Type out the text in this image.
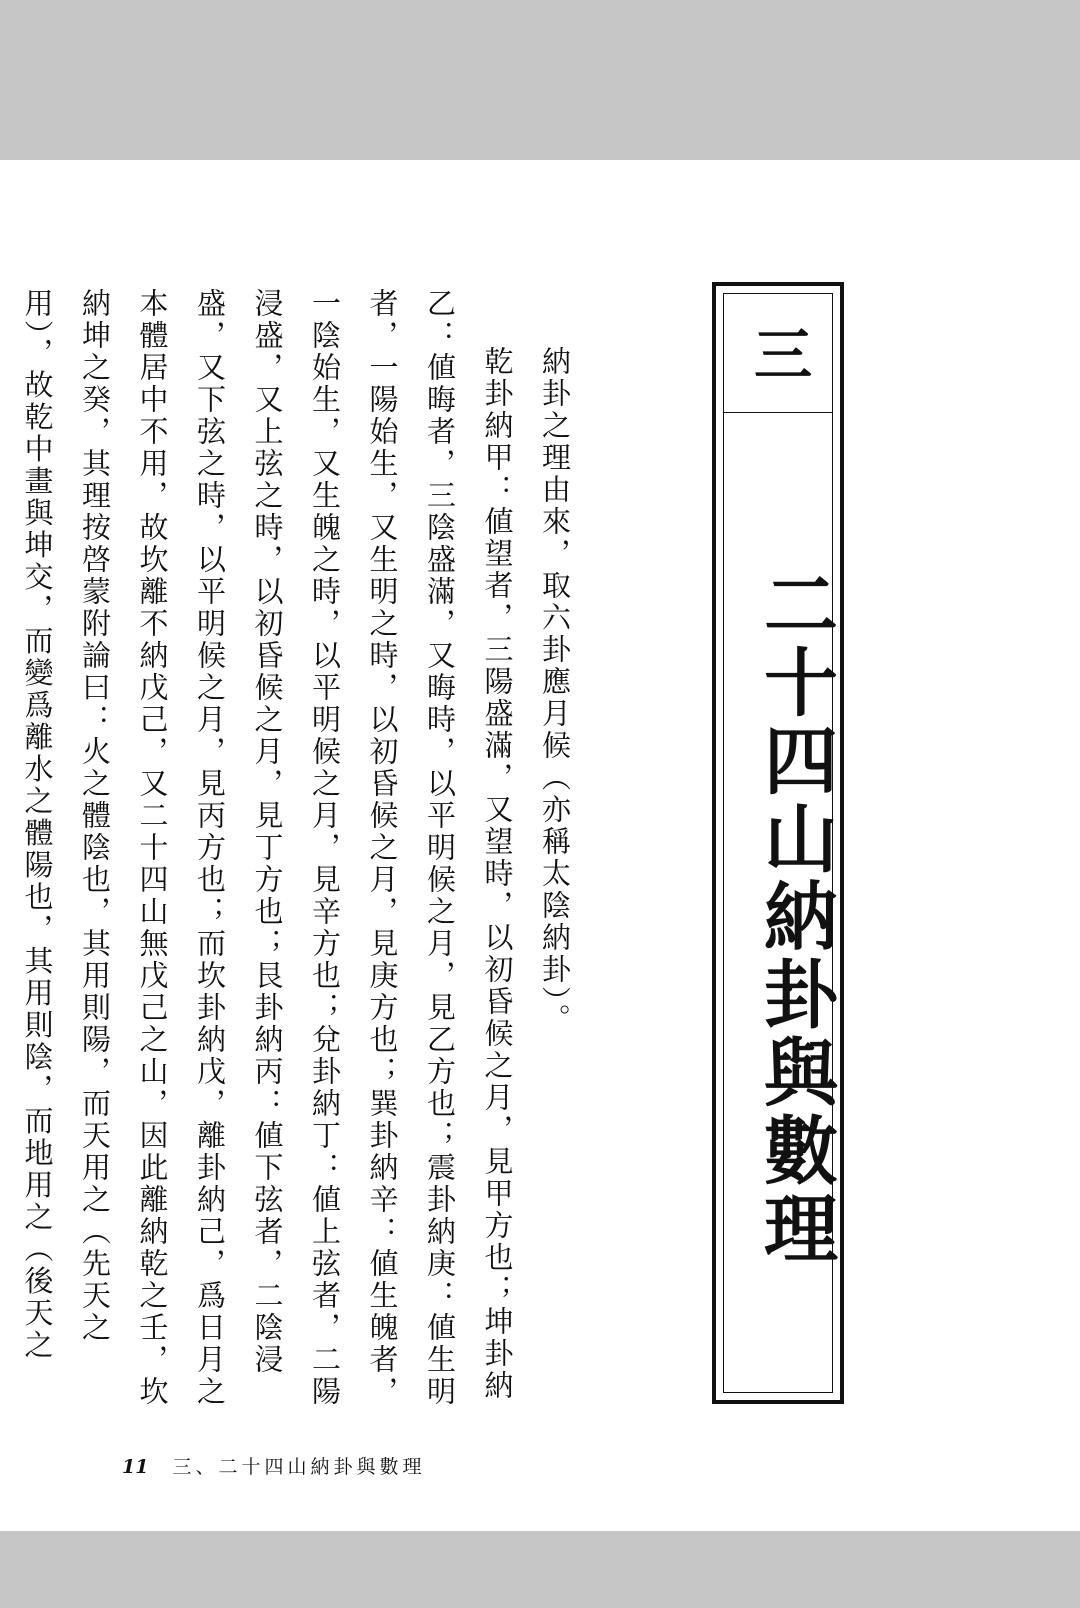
三
二十四山納卦與數理

納卦之理由來，取六卦應月候（亦稱太陰納卦）。

乾卦納甲：値望者，三陽盛滿，又望時，以初昏候之月，見甲方也；坤卦納乙：値晦者，三陰盛滿，又晦時，以平明候之月，見乙方也；震卦納庚：値生明者，一陽始生，又生明之時，以初昏候之月，見庚方也；巽卦納辛：値生魄者，一陰始生，又生魄之時，以平明候之月，見辛方也；兌卦納丁：値上弦者，二陽浸盛，又上弦之時，以初昏候之月，見丁方也；艮卦納丙：値下弦者，二陰浸盛，又下弦之時，以平明候之月，見丙方也；而坎卦納戊，離卦納己，爲日月之本體居中不用，故坎離不納戊己，又二十四山無戊己之山，因此離納乾之壬，坎納坤之癸，其理按啓蒙附論曰：火之體陰也，其用則陽，而天用之（先天之用），故乾中畫與坤交，而變爲離水之體陽也，其用則陰，而地用之（後天之

11 三、二十四山納卦與數理
